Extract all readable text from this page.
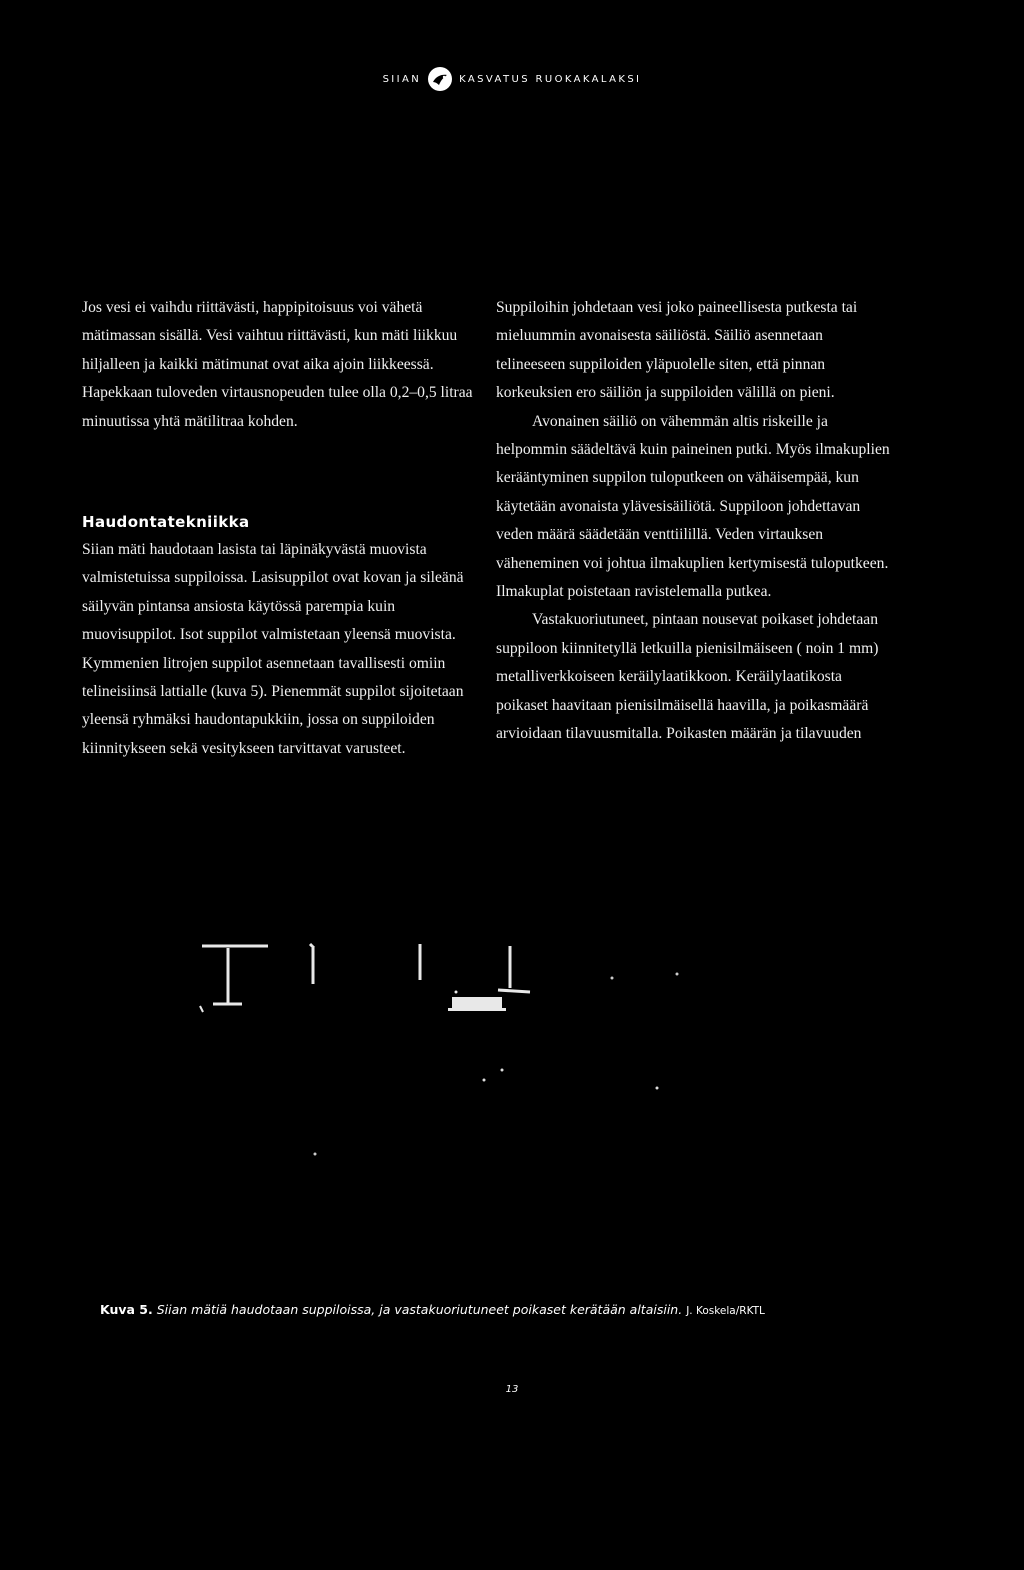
SIIAN	KASVATUS RUOKAKALAKSI

Jos vesi ei vaihdu riittävästi, happipitoisuus voi vähetä mätimassan sisällä. Vesi vaihtuu riittävästi, kun mäti liikkuu hiljalleen ja kaikki mätimunat ovat aika ajoin liikkeessä. Hapekkaan tuloveden virtausnopeuden tulee olla 0,2–0,5 litraa minuutissa yhtä mätilitraa kohden.

Haudontatekniikka

Siian mäti haudotaan lasista tai läpinäkyvästä muovista valmistetuissa suppiloissa. Lasisuppilot ovat kovan ja sileänä säilyvän pintansa ansiosta käytössä parempia kuin muovisuppilot. Isot suppilot valmistetaan yleensä muovista. Kymmenien litrojen suppilot asennetaan tavallisesti omiin telineisiinsä lattialle (kuva 5). Pienemmät suppilot sijoitetaan yleensä ryhmäksi haudontapukkiin, jossa on suppiloiden kiinnitykseen sekä vesitykseen tarvittavat varusteet.

Suppiloihin johdetaan vesi joko paineellisesta putkesta tai mieluummin avonaisesta säiliöstä. Säiliö asennetaan telineeseen suppiloiden yläpuolelle siten, että pinnan korkeuksien ero säiliön ja suppiloiden välillä on pieni.

Avonainen säiliö on vähemmän altis riskeille ja helpommin säädeltävä kuin paineinen putki. Myös ilmakuplien kerääntyminen suppilon tuloputkeen on vähäisempää, kun käytetään avonaista ylävesisäiliötä. Suppiloon johdettavan veden määrä säädetään venttiilillä. Veden virtauksen väheneminen voi johtua ilmakuplien kertymisestä tuloputkeen. Ilmakuplat poistetaan ravistelemalla putkea.

Vastakuoriutuneet, pintaan nousevat poikaset johdetaan suppiloon kiinnitetyllä letkuilla pienisilmäiseen ( noin 1 mm) metalliverkkoiseen keräilylaatikkoon. Keräilylaatikosta poikaset haavitaan pienisilmäisellä haavilla, ja poikasmäärä arvioidaan tilavuusmitalla. Poikasten määrän ja tilavuuden

Kuva 5. Siian mätiä haudotaan suppiloissa, ja vastakuoriutuneet poikaset kerätään altaisiin. J. Koskela/RKTL
13
